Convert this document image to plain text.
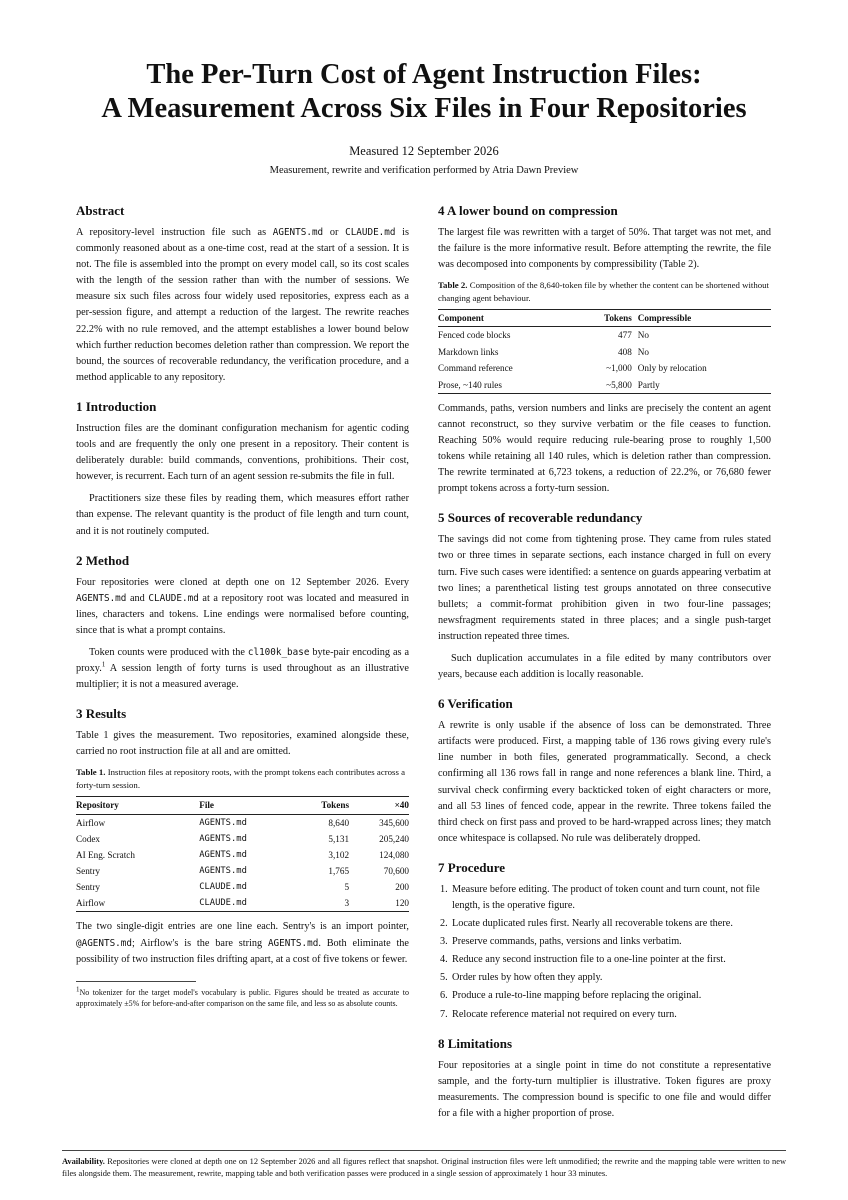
The Per-Turn Cost of Agent Instruction Files:
A Measurement Across Six Files in Four Repositories
Measured 12 September 2026
Measurement, rewrite and verification performed by Atria Dawn Preview
Abstract

A repository-level instruction file such as AGENTS.md or CLAUDE.md is commonly reasoned about as a one-time cost, read at the start of a session. It is not. The file is assembled into the prompt on every model call, so its cost scales with the length of the session rather than with the number of sessions. We measure six such files across four widely used repositories, express each as a per-session figure, and attempt a reduction of the largest. The rewrite reaches 22.2% with no rule removed, and the attempt establishes a lower bound below which further reduction becomes deletion rather than compression. We report the bound, the sources of recoverable redundancy, the verification procedure, and a method applicable to any repository.

1 Introduction

Instruction files are the dominant configuration mechanism for agentic coding tools and are frequently the only one present in a repository. Their content is deliberately durable: build commands, conventions, prohibitions. Their cost, however, is recurrent. Each turn of an agent session re-submits the file in full.

Practitioners size these files by reading them, which measures effort rather than expense. The relevant quantity is the product of file length and turn count, and it is not routinely computed.

2 Method

Four repositories were cloned at depth one on 12 September 2026. Every AGENTS.md and CLAUDE.md at a repository root was located and measured in lines, characters and tokens. Line endings were normalised before counting, since that is what a prompt contains.

Token counts were produced with the cl100k_base byte-pair encoding as a proxy.$^1$ A session length of forty turns is used throughout as an illustrative multiplier; it is not a measured average.

3 Results

Table 1 gives the measurement. Two repositories, examined alongside these, carried no root instruction file at all and are omitted.

Table 1. Instruction files at repository roots, with the prompt tokens each contributes across a forty-turn session.
Repository	File	Tokens	×40
Airflow	AGENTS.md	8,640	345,600
Codex	AGENTS.md	5,131	205,240
AI Eng. Scratch	AGENTS.md	3,102	124,080
Sentry	AGENTS.md	1,765	70,600
Sentry	CLAUDE.md	5	200
Airflow	CLAUDE.md	3	120

The two single-digit entries are one line each. Sentry's is an import pointer, @AGENTS.md; Airflow's is the bare string AGENTS.md. Both eliminate the possibility of two instruction files drifting apart, at a cost of five tokens or fewer.

$^1$No tokenizer for the target model's vocabulary is public. Figures should be treated as accurate to approximately ±5% for before-and-after comparison on the same file, and less so as absolute counts.
4 A lower bound on compression

The largest file was rewritten with a target of 50%. That target was not met, and the failure is the more informative result. Before attempting the rewrite, the file was decomposed into components by compressibility (Table 2).

Table 2. Composition of the 8,640-token file by whether the content can be shortened without changing agent behaviour.
Component	Tokens	Compressible
Fenced code blocks	477	No
Markdown links	408	No
Command reference	~1,000	Only by relocation
Prose, ~140 rules	~5,800	Partly

Commands, paths, version numbers and links are precisely the content an agent cannot reconstruct, so they survive verbatim or the file ceases to function. Reaching 50% would require reducing rule-bearing prose to roughly 1,500 tokens while retaining all 140 rules, which is deletion rather than compression. The rewrite terminated at 6,723 tokens, a reduction of 22.2%, or 76,680 fewer prompt tokens across a forty-turn session.

5 Sources of recoverable redundancy

The savings did not come from tightening prose. They came from rules stated two or three times in separate sections, each instance charged in full on every turn. Five such cases were identified: a sentence on guards appearing verbatim at two lines; a parenthetical listing test groups annotated on three consecutive bullets; a commit-format prohibition given in two four-line passages; newsfragment requirements stated in three places; and a single push-target instruction repeated three times.

Such duplication accumulates in a file edited by many contributors over years, because each addition is locally reasonable.

6 Verification

A rewrite is only usable if the absence of loss can be demonstrated. Three artifacts were produced. First, a mapping table of 136 rows giving every rule's line number in both files, generated programmatically. Second, a check confirming all 136 rows fall in range and none references a blank line. Third, a survival check confirming every backticked token of eight characters or more, and all 53 lines of fenced code, appear in the rewrite. Three tokens failed the third check on first pass and proved to be hard-wrapped across lines; they match once whitespace is collapsed. No rule was deliberately dropped.

7 Procedure
1. Measure before editing. The product of token count and turn count, not file length, is the operative figure.
2. Locate duplicated rules first. Nearly all recoverable tokens are there.
3. Preserve commands, paths, versions and links verbatim.
4. Reduce any second instruction file to a one-line pointer at the first.
5. Order rules by how often they apply.
6. Produce a rule-to-line mapping before replacing the original.
7. Relocate reference material not required on every turn.
8 Limitations

Four repositories at a single point in time do not constitute a representative sample, and the forty-turn multiplier is illustrative. Token figures are proxy measurements. The compression bound is specific to one file and would differ for a file with a higher proportion of prose.

Availability. Repositories were cloned at depth one on 12 September 2026 and all figures reflect that snapshot. Original instruction files were left unmodified; the rewrite and the mapping table were written to new files alongside them. The measurement, rewrite, mapping table and both verification passes were produced in a single session of approximately 1 hour 33 minutes.
